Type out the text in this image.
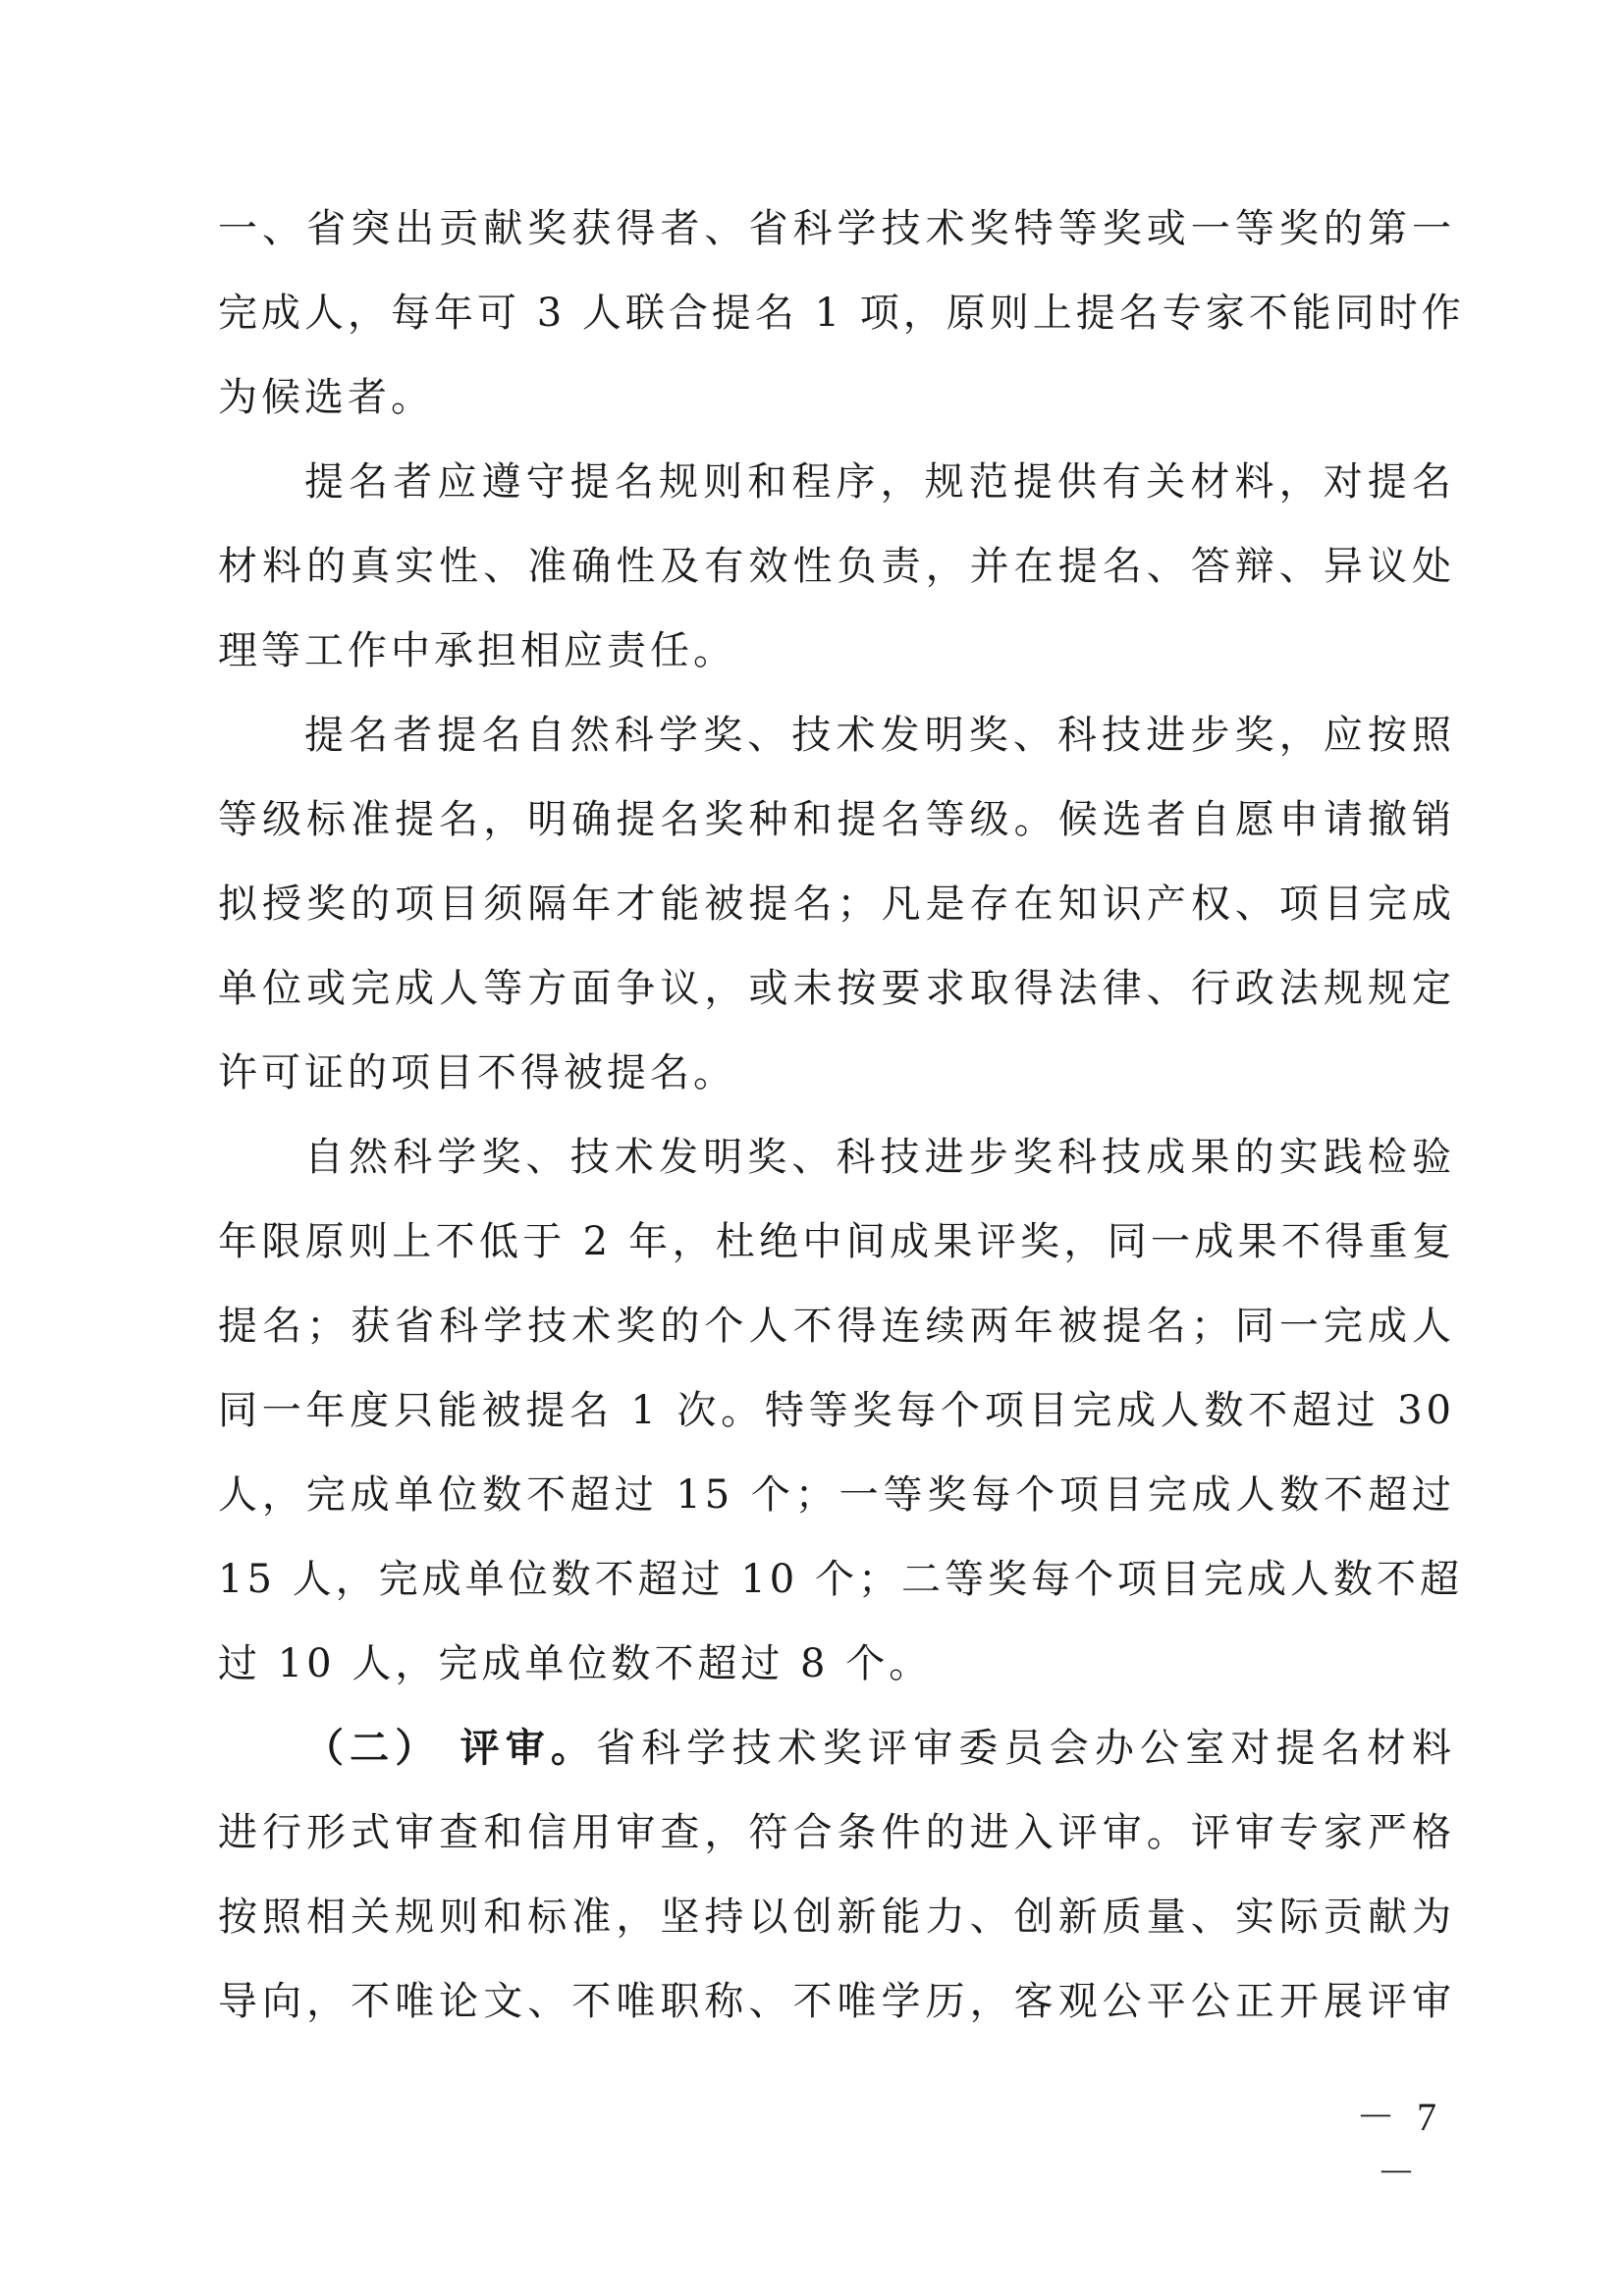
一、省突出贡献奖获得者、省科学技术奖特等奖或一等奖的第一
完成人，每年可 3 人联合提名 1 项，原则上提名专家不能同时作
为候选者。
提名者应遵守提名规则和程序，规范提供有关材料，对提名
材料的真实性、准确性及有效性负责，并在提名、答辩、异议处
理等工作中承担相应责任。
提名者提名自然科学奖、技术发明奖、科技进步奖，应按照
等级标准提名，明确提名奖种和提名等级。候选者自愿申请撤销
拟授奖的项目须隔年才能被提名；凡是存在知识产权、项目完成
单位或完成人等方面争议，或未按要求取得法律、行政法规规定
许可证的项目不得被提名。
自然科学奖、技术发明奖、科技进步奖科技成果的实践检验
年限原则上不低于 2 年，杜绝中间成果评奖，同一成果不得重复
提名；获省科学技术奖的个人不得连续两年被提名；同一完成人
同一年度只能被提名 1 次。特等奖每个项目完成人数不超过 30
人，完成单位数不超过 15 个；一等奖每个项目完成人数不超过
15 人，完成单位数不超过 10 个；二等奖每个项目完成人数不超
过 10 人，完成单位数不超过 8 个。
（二） 评审。省科学技术奖评审委员会办公室对提名材料
进行形式审查和信用审查，符合条件的进入评审。评审专家严格
按照相关规则和标准，坚持以创新能力、创新质量、实际贡献为
导向，不唯论文、不唯职称、不唯学历，客观公平公正开展评审
－ 7 －
